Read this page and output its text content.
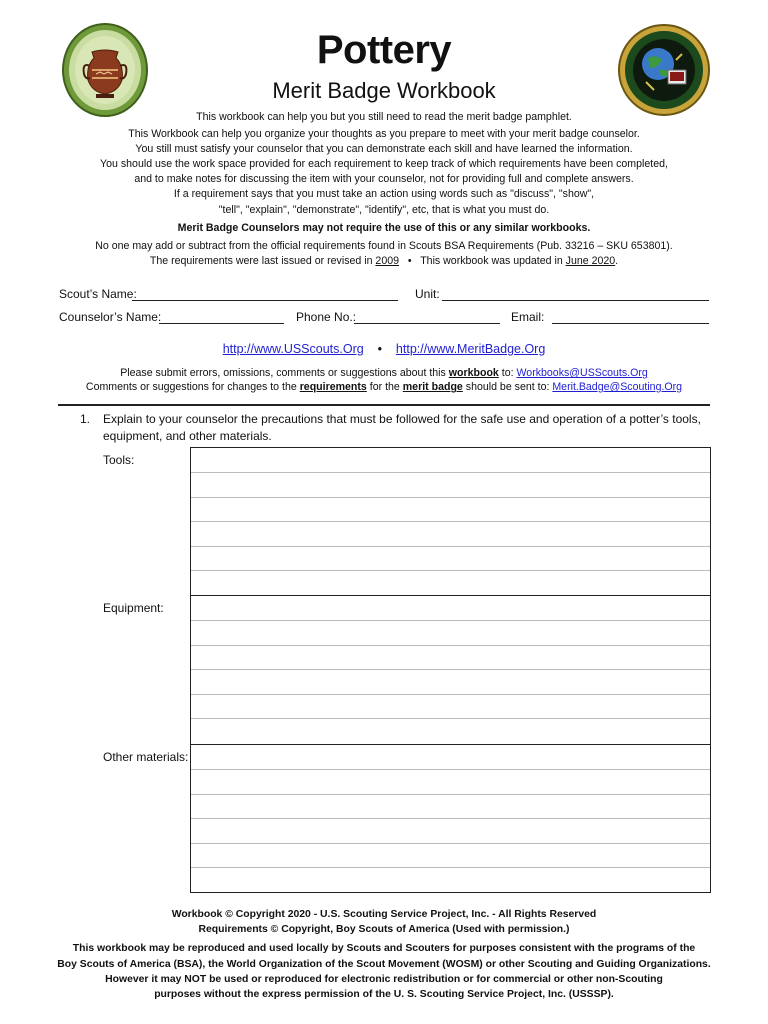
Pottery
Merit Badge Workbook
This workbook can help you but you still need to read the merit badge pamphlet.
This Workbook can help you organize your thoughts as you prepare to meet with your merit badge counselor.
You still must satisfy your counselor that you can demonstrate each skill and have learned the information.
You should use the work space provided for each requirement to keep track of which requirements have been completed,
and to make notes for discussing the item with your counselor, not for providing full and complete answers.
If a requirement says that you must take an action using words such as "discuss", "show",
"tell", "explain", "demonstrate", "identify", etc, that is what you must do.
Merit Badge Counselors may not require the use of this or any similar workbooks.
No one may add or subtract from the official requirements found in Scouts BSA Requirements (Pub. 33216 – SKU 653801).
The requirements were last issued or revised in 2009 • This workbook was updated in June 2020.
Scout’s Name:	Unit:
Counselor’s Name:	Phone No.:	Email:
http://www.USScouts.Org • http://www.MeritBadge.Org
Please submit errors, omissions, comments or suggestions about this workbook to: Workbooks@USScouts.Org
Comments or suggestions for changes to the requirements for the merit badge should be sent to: Merit.Badge@Scouting.Org
1. Explain to your counselor the precautions that must be followed for the safe use and operation of a potter’s tools,
equipment, and other materials.
Tools:
Equipment:
Other materials:
Workbook © Copyright 2020 - U.S. Scouting Service Project, Inc. - All Rights Reserved
Requirements © Copyright, Boy Scouts of America (Used with permission.)
This workbook may be reproduced and used locally by Scouts and Scouters for purposes consistent with the programs of the
Boy Scouts of America (BSA), the World Organization of the Scout Movement (WOSM) or other Scouting and Guiding Organizations.
However it may NOT be used or reproduced for electronic redistribution or for commercial or other non-Scouting
purposes without the express permission of the U. S. Scouting Service Project, Inc. (USSSP).
